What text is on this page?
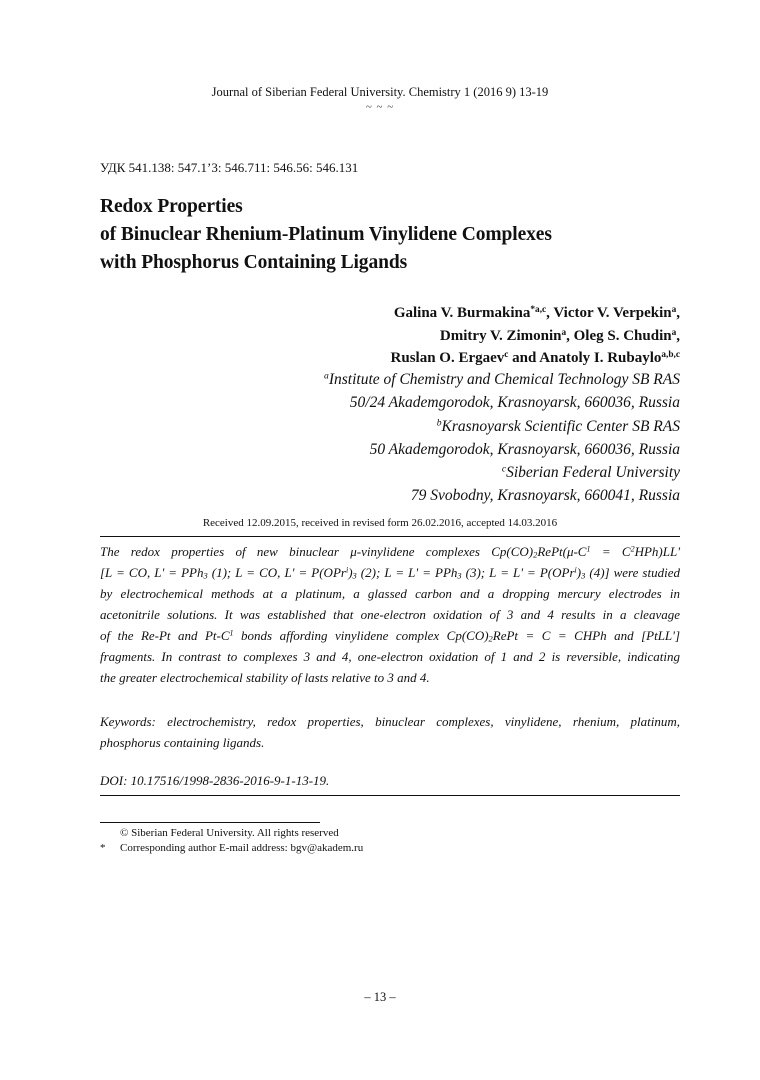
Journal of Siberian Federal University. Chemistry 1 (2016 9) 13-19
~ ~ ~
УДК 541.138: 547.1’3: 546.711: 546.56: 546.131
Redox Properties
of Binuclear Rhenium-Platinum Vinylidene Complexes
with Phosphorus Containing Ligands
Galina V. Burmakina$^{*a,c}$, Victor V. Verpekin$^a$,
Dmitry V. Zimonin$^a$, Oleg S. Chudin$^a$,
Ruslan O. Ergaev$^c$ and Anatoly I. Rubaylo$^{a,b,c}$
$^a$Institute of Chemistry and Chemical Technology SB RAS
50/24 Akademgorodok, Krasnoyarsk, 660036, Russia
$^b$Krasnoyarsk Scientific Center SB RAS
50 Akademgorodok, Krasnoyarsk, 660036, Russia
$^c$Siberian Federal University
79 Svobodny, Krasnoyarsk, 660041, Russia
Received 12.09.2015, received in revised form 26.02.2016, accepted 14.03.2016
The redox properties of new binuclear μ-vinylidene complexes $Cp(CO)_2RePt(\mu-C^1 = C^2HPh)LL'$
[L = CO, L' = PPh$_3$ (1); L = CO, $L' = P(OPr^i)_3$ (2); L = L' = PPh$_3$ (3); $L = L' = P(OPr^i)_3$ (4)] were studied
by electrochemical methods at a platinum, a glassed carbon and a dropping mercury electrodes in
acetonitrile solutions. It was established that one-electron oxidation of 3 and 4 results in a cleavage
of the Re-Pt and $Pt-C^1$ bonds affording vinylidene complex $Cp(CO)_2RePt = C$ = CHPh and [PtLL']
fragments. In contrast to complexes 3 and 4, one-electron oxidation of 1 and 2 is reversible, indicating
the greater electrochemical stability of lasts relative to 3 and 4.
Keywords: electrochemistry, redox properties, binuclear complexes, vinylidene, rhenium, platinum,
phosphorus containing ligands.
DOI: 10.17516/1998-2836-2016-9-1-13-19.
© Siberian Federal University. All rights reserved
* Corresponding author E-mail address: bgv@akadem.ru
– 13 –
